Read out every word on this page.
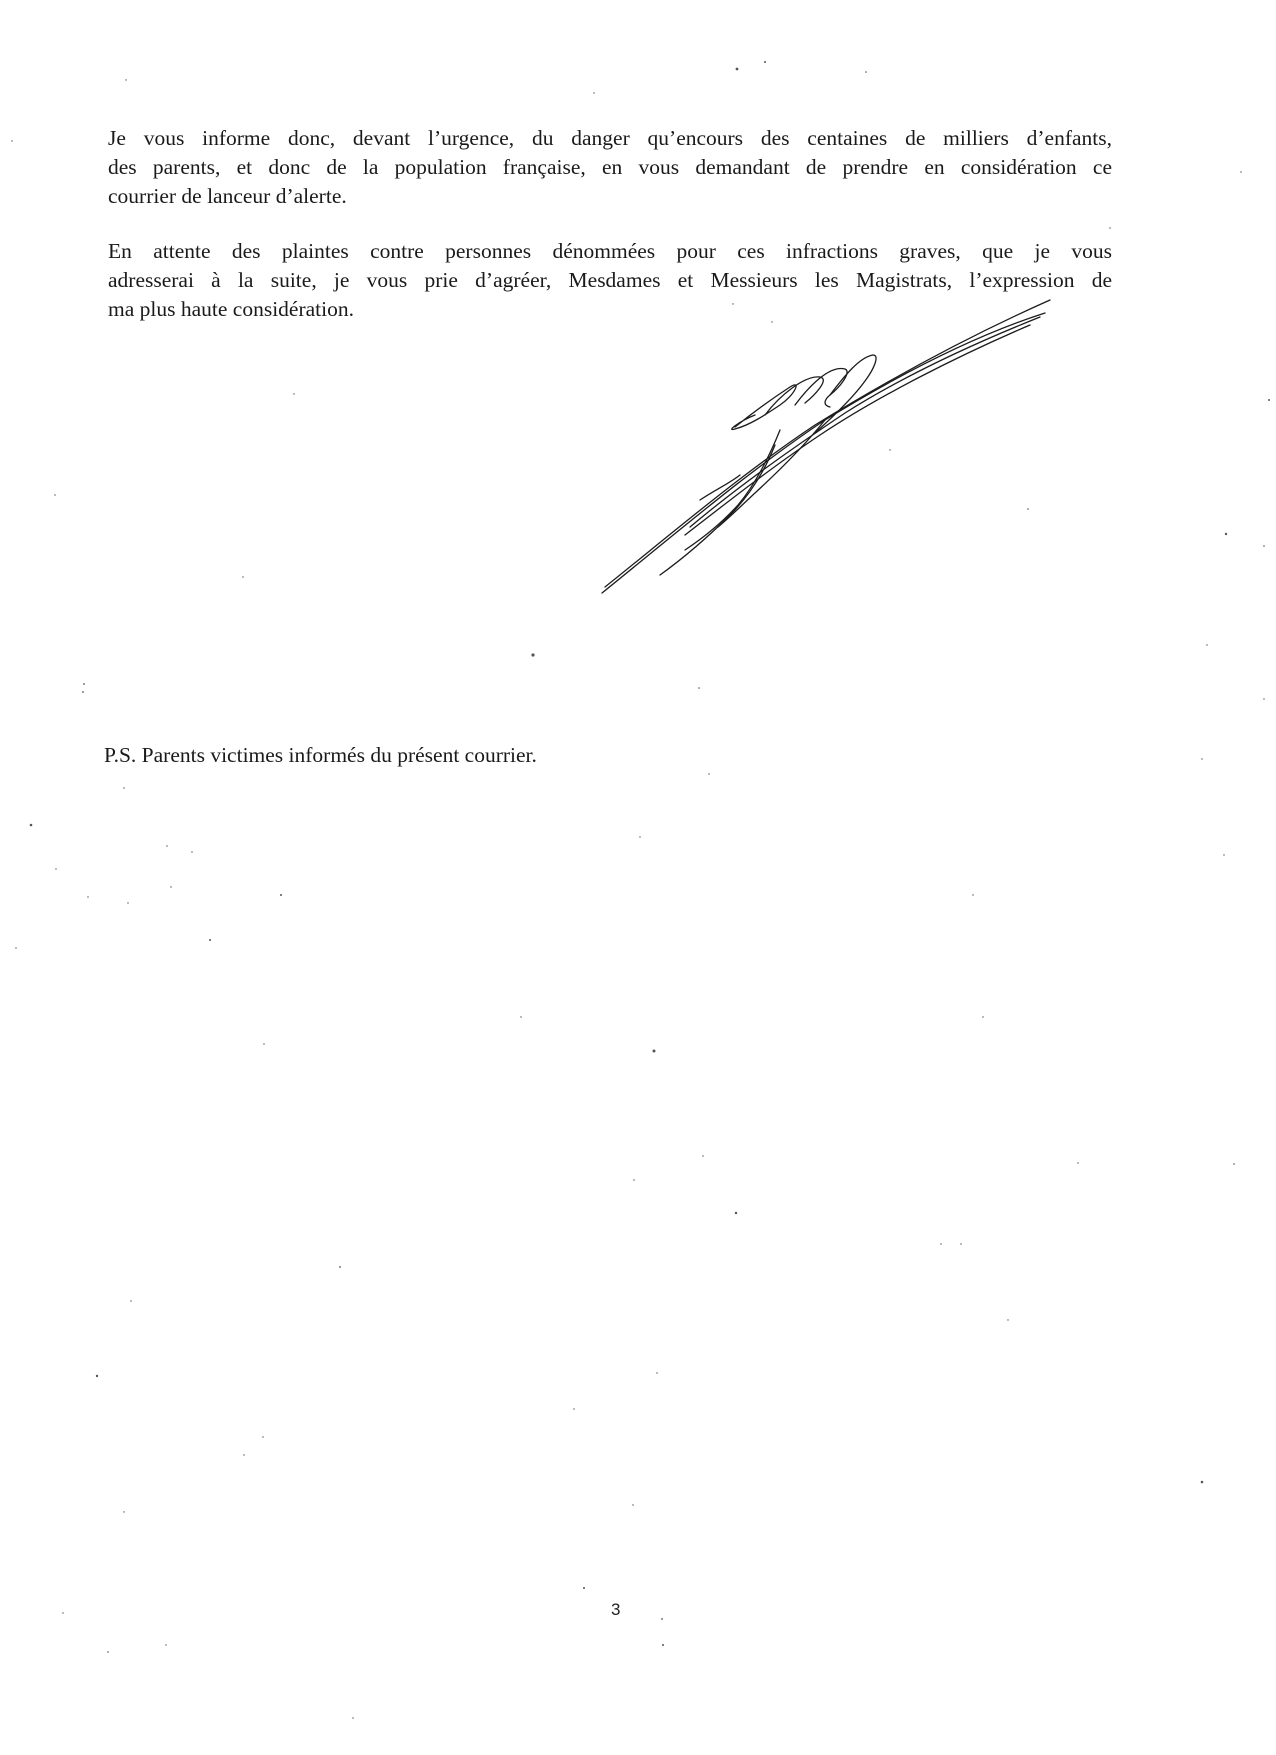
Je vous informe donc, devant l’urgence, du danger qu’encours des centaines de milliers d’enfants,
des parents, et donc de la population française, en vous demandant de prendre en considération ce
courrier de lanceur d’alerte.

En attente des plaintes contre personnes dénommées pour ces infractions graves, que je vous
adresserai à la suite, je vous prie d’agréer, Mesdames et Messieurs les Magistrats, l’expression de
ma plus haute considération.

P.S. Parents victimes informés du présent courrier.

3
